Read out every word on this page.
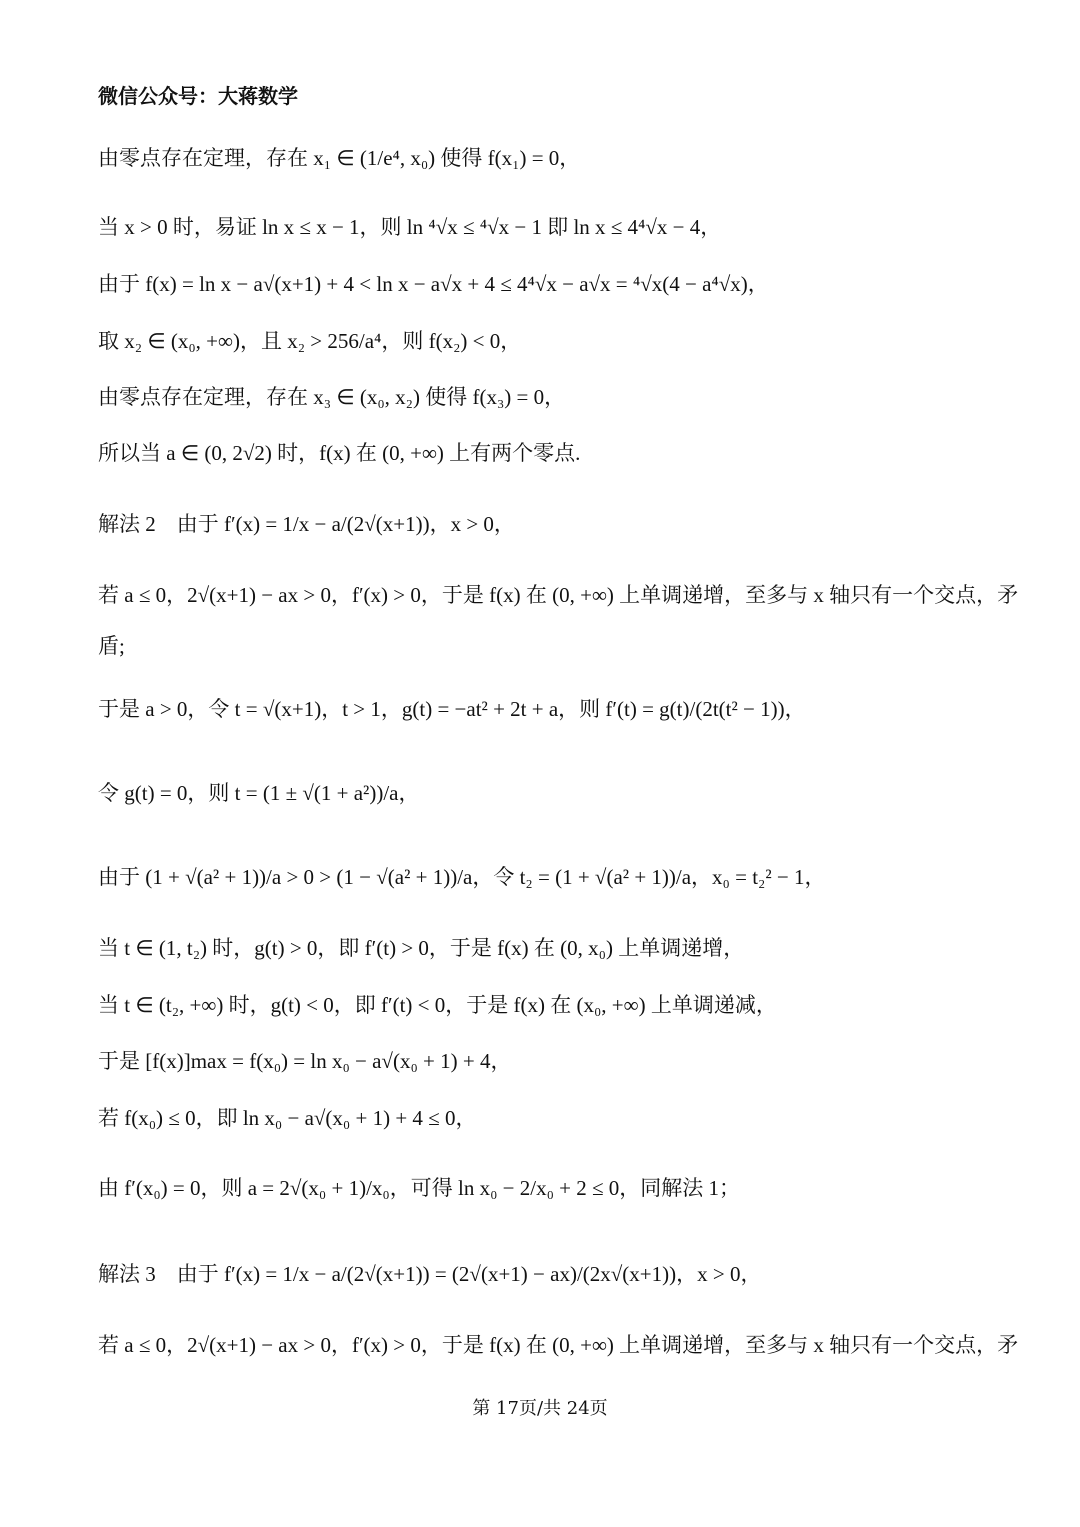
微信公众号：大蒋数学
由零点存在定理，存在 x₁ ∈ (1/e⁴, x₀) 使得 f(x₁) = 0，
当 x > 0 时，易证 ln x ≤ x − 1，则 ln ⁴√x ≤ ⁴√x − 1 即 ln x ≤ 4⁴√x − 4，
由于 f(x) = ln x − a√(x+1) + 4 < ln x − a√x + 4 ≤ 4⁴√x − a√x = ⁴√x(4 − a⁴√x)，
取 x₂ ∈ (x₀, +∞)，且 x₂ > 256/a⁴，则 f(x₂) < 0，
由零点存在定理，存在 x₃ ∈ (x₀, x₂) 使得 f(x₃) = 0，
所以当 a ∈ (0, 2√2) 时，f(x) 在 (0, +∞) 上有两个零点.
解法 2　由于 f′(x) = 1/x − a/(2√(x+1))，x > 0，
若 a ≤ 0，2√(x+1) − ax > 0，f′(x) > 0，于是 f(x) 在 (0, +∞) 上单调递增，至多与 x 轴只有一个交点，矛
盾;
于是 a > 0，令 t = √(x+1)，t > 1，g(t) = −at² + 2t + a，则 f′(t) = g(t)/(2t(t² − 1))，
令 g(t) = 0，则 t = (1 ± √(1 + a²))/a，
由于 (1 + √(a² + 1))/a > 0 > (1 − √(a² + 1))/a，令 t₂ = (1 + √(a² + 1))/a，x₀ = t₂² − 1，
当 t ∈ (1, t₂) 时，g(t) > 0，即 f′(t) > 0，于是 f(x) 在 (0, x₀) 上单调递增，
当 t ∈ (t₂, +∞) 时，g(t) < 0，即 f′(t) < 0，于是 f(x) 在 (x₀, +∞) 上单调递减，
于是 [f(x)]max = f(x₀) = ln x₀ − a√(x₀ + 1) + 4，
若 f(x₀) ≤ 0，即 ln x₀ − a√(x₀ + 1) + 4 ≤ 0，
由 f′(x₀) = 0，则 a = 2√(x₀ + 1)/x₀，可得 ln x₀ − 2/x₀ + 2 ≤ 0，同解法 1；
解法 3　由于 f′(x) = 1/x − a/(2√(x+1)) = (2√(x+1) − ax)/(2x√(x+1))，x > 0，
若 a ≤ 0，2√(x+1) − ax > 0，f′(x) > 0，于是 f(x) 在 (0, +∞) 上单调递增，至多与 x 轴只有一个交点，矛
第 17页/共 24页
